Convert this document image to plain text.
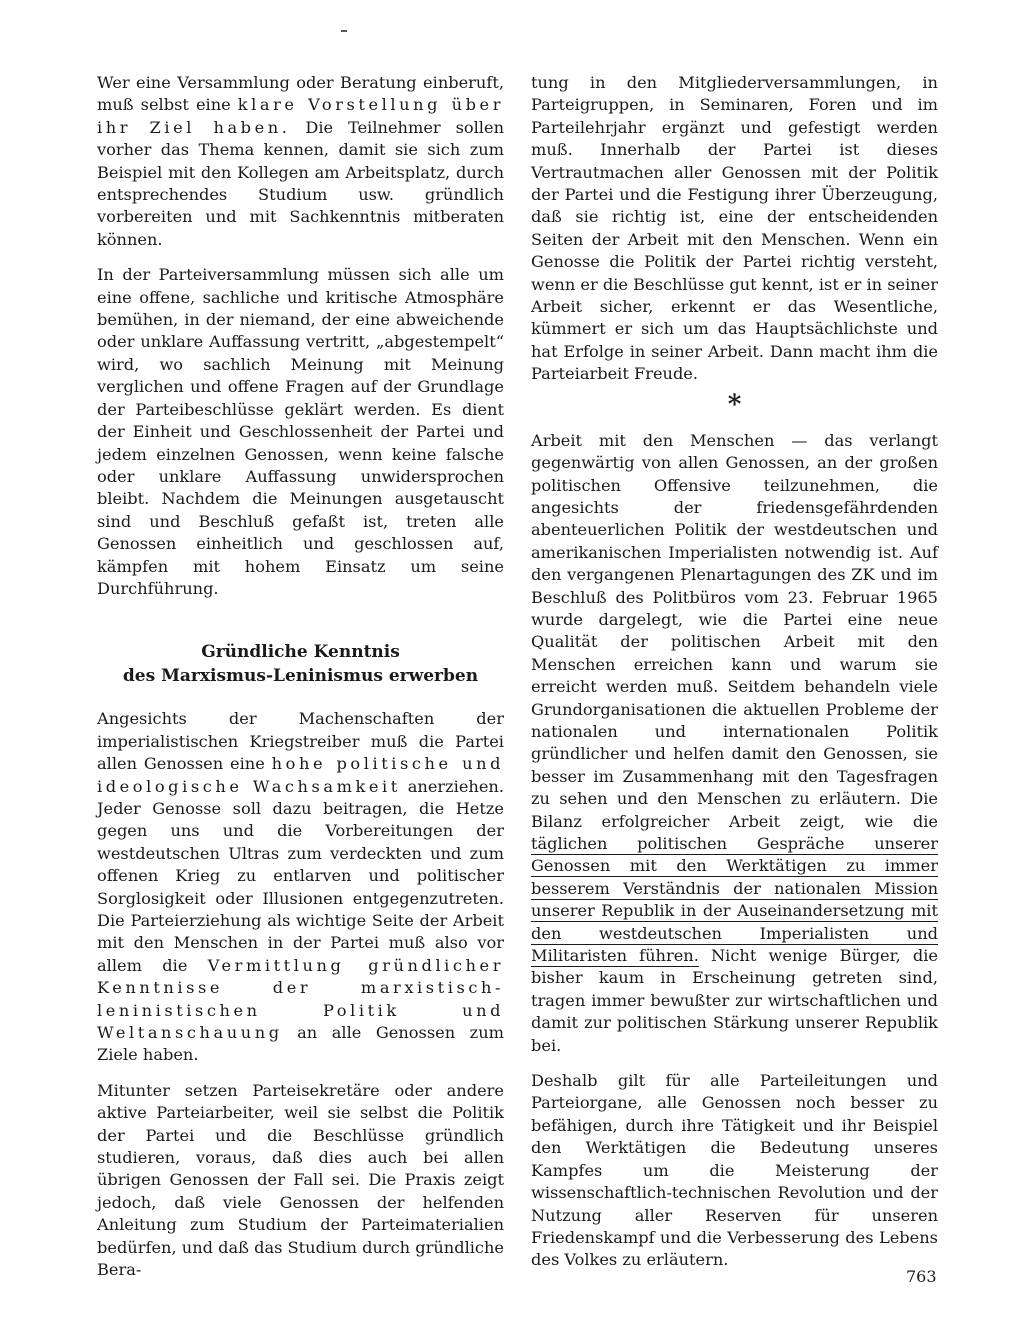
Wer eine Versammlung oder Beratung einberuft, muß selbst eine klare Vorstellung über ihr Ziel haben. Die Teilnehmer sollen vorher das Thema kennen, damit sie sich zum Beispiel mit den Kollegen am Arbeitsplatz, durch entsprechendes Studium usw. gründlich vorbereiten und mit Sachkenntnis mitberaten können.

In der Parteiversammlung müssen sich alle um eine offene, sachliche und kritische Atmosphäre bemühen, in der niemand, der eine abweichende oder unklare Auffassung vertritt, „abgestempelt“ wird, wo sachlich Meinung mit Meinung verglichen und offene Fragen auf der Grundlage der Parteibeschlüsse geklärt werden. Es dient der Einheit und Geschlossenheit der Partei und jedem einzelnen Genossen, wenn keine falsche oder unklare Auffassung unwidersprochen bleibt. Nachdem die Meinungen ausgetauscht sind und Beschluß gefaßt ist, treten alle Genossen einheitlich und geschlossen auf, kämpfen mit hohem Einsatz um seine Durchführung.

Gründliche Kenntnis
des Marxismus-Leninismus erwerben

Angesichts der Machenschaften der imperialistischen Kriegstreiber muß die Partei allen Genossen eine hohe politische und ideologische Wachsamkeit anerziehen. Jeder Genosse soll dazu beitragen, die Hetze gegen uns und die Vorbereitungen der westdeutschen Ultras zum verdeckten und zum offenen Krieg zu entlarven und politischer Sorglosigkeit oder Illusionen entgegenzutreten. Die Parteierziehung als wichtige Seite der Arbeit mit den Menschen in der Partei muß also vor allem die Vermittlung gründlicher Kenntnisse der marxistisch-leninistischen Politik und Weltanschauung an alle Genossen zum Ziele haben.

Mitunter setzen Parteisekretäre oder andere aktive Parteiarbeiter, weil sie selbst die Politik der Partei und die Beschlüsse gründlich studieren, voraus, daß dies auch bei allen übrigen Genossen der Fall sei. Die Praxis zeigt jedoch, daß viele Genossen der helfenden Anleitung zum Studium der Parteimaterialien bedürfen, und daß das Studium durch gründliche Bera-

tung in den Mitgliederversammlungen, in Parteigruppen, in Seminaren, Foren und im Parteilehrjahr ergänzt und gefestigt werden muß. Innerhalb der Partei ist dieses Vertrautmachen aller Genossen mit der Politik der Partei und die Festigung ihrer Überzeugung, daß sie richtig ist, eine der entscheidenden Seiten der Arbeit mit den Menschen. Wenn ein Genosse die Politik der Partei richtig versteht, wenn er die Beschlüsse gut kennt, ist er in seiner Arbeit sicher, erkennt er das Wesentliche, kümmert er sich um das Hauptsächlichste und hat Erfolge in seiner Arbeit. Dann macht ihm die Parteiarbeit Freude.

*

Arbeit mit den Menschen — das verlangt gegenwärtig von allen Genossen, an der großen politischen Offensive teilzunehmen, die angesichts der friedensgefährdenden abenteuerlichen Politik der westdeutschen und amerikanischen Imperialisten notwendig ist. Auf den vergangenen Plenartagungen des ZK und im Beschluß des Politbüros vom 23. Februar 1965 wurde dargelegt, wie die Partei eine neue Qualität der politischen Arbeit mit den Menschen erreichen kann und warum sie erreicht werden muß. Seitdem behandeln viele Grundorganisationen die aktuellen Probleme der nationalen und internationalen Politik gründlicher und helfen damit den Genossen, sie besser im Zusammenhang mit den Tagesfragen zu sehen und den Menschen zu erläutern. Die Bilanz erfolgreicher Arbeit zeigt, wie die täglichen politischen Gespräche unserer Genossen mit den Werktätigen zu immer besserem Verständnis der nationalen Mission unserer Republik in der Auseinandersetzung mit den westdeutschen Imperialisten und Militaristen führen. Nicht wenige Bürger, die bisher kaum in Erscheinung getreten sind, tragen immer bewußter zur wirtschaftlichen und damit zur politischen Stärkung unserer Republik bei.

Deshalb gilt für alle Parteileitungen und Parteiorgane, alle Genossen noch besser zu befähigen, durch ihre Tätigkeit und ihr Beispiel den Werktätigen die Bedeutung unseres Kampfes um die Meisterung der wissenschaftlich-technischen Revolution und der Nutzung aller Reserven für unseren Friedenskampf und die Verbesserung des Lebens des Volkes zu erläutern.

763
